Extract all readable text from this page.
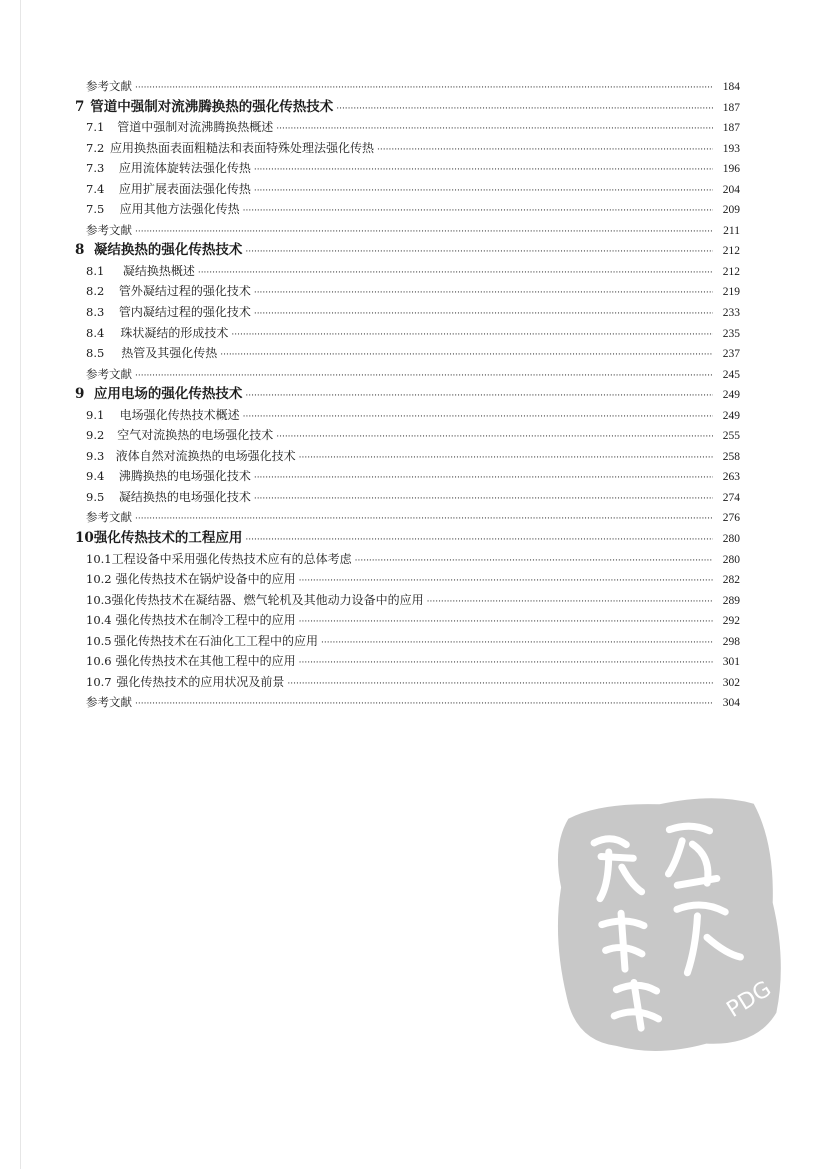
参考文献 ·····	184
7 管道中强制对流沸腾换热的强化传热技术 ·····	187
7.1	管道中强制对流沸腾换热概述 ·····	187
7.2 应用换热面表面粗糙法和表面特殊处理法强化传热 ·····	193
7.3	应用流体旋转法强化传热 ·····	196
7.4	应用扩展表面法强化传热 ·····	204
7.5	应用其他方法强化传热 ·····	209
参考文献 ·····	211
8 凝结换热的强化传热技术 ·····	212
8.1	凝结换热概述 ·····	212
8.2	管外凝结过程的强化技术 ·····	219
8.3	管内凝结过程的强化技术 ·····	233
8.4	珠状凝结的形成技术 ·····	235
8.5	热管及其强化传热 ·····	237
参考文献 ·····	245
9 应用电场的强化传热技术 ·····	249
9.1	电场强化传热技术概述 ·····	249
9.2	空气对流换热的电场强化技术 ·····	255
9.3 液体自然对流换热的电场强化技术 ·····	258
9.4	沸腾换热的电场强化技术 ·····	263
9.5	凝结换热的电场强化技术 ·····	274
参考文献 ·····	276
10 强化传热技术的工程应用 ·····	280
10.1 工程设备中采用强化传热技术应有的总体考虑 ·····	280
10.2 强化传热技术在锅炉设备中的应用 ·····	282
10.3 强化传热技术在凝结器、燃气轮机及其他动力设备中的应用 ·····	289
10.4 强化传热技术在制冷工程中的应用 ·····	292
10.5 强化传热技术在石油化工工程中的应用 ·····	298
10.6 强化传热技术在其他工程中的应用 ·····	301
10.7 强化传热技术的应用状况及前景 ·····	302
参考文献 ·····	304
PDG
